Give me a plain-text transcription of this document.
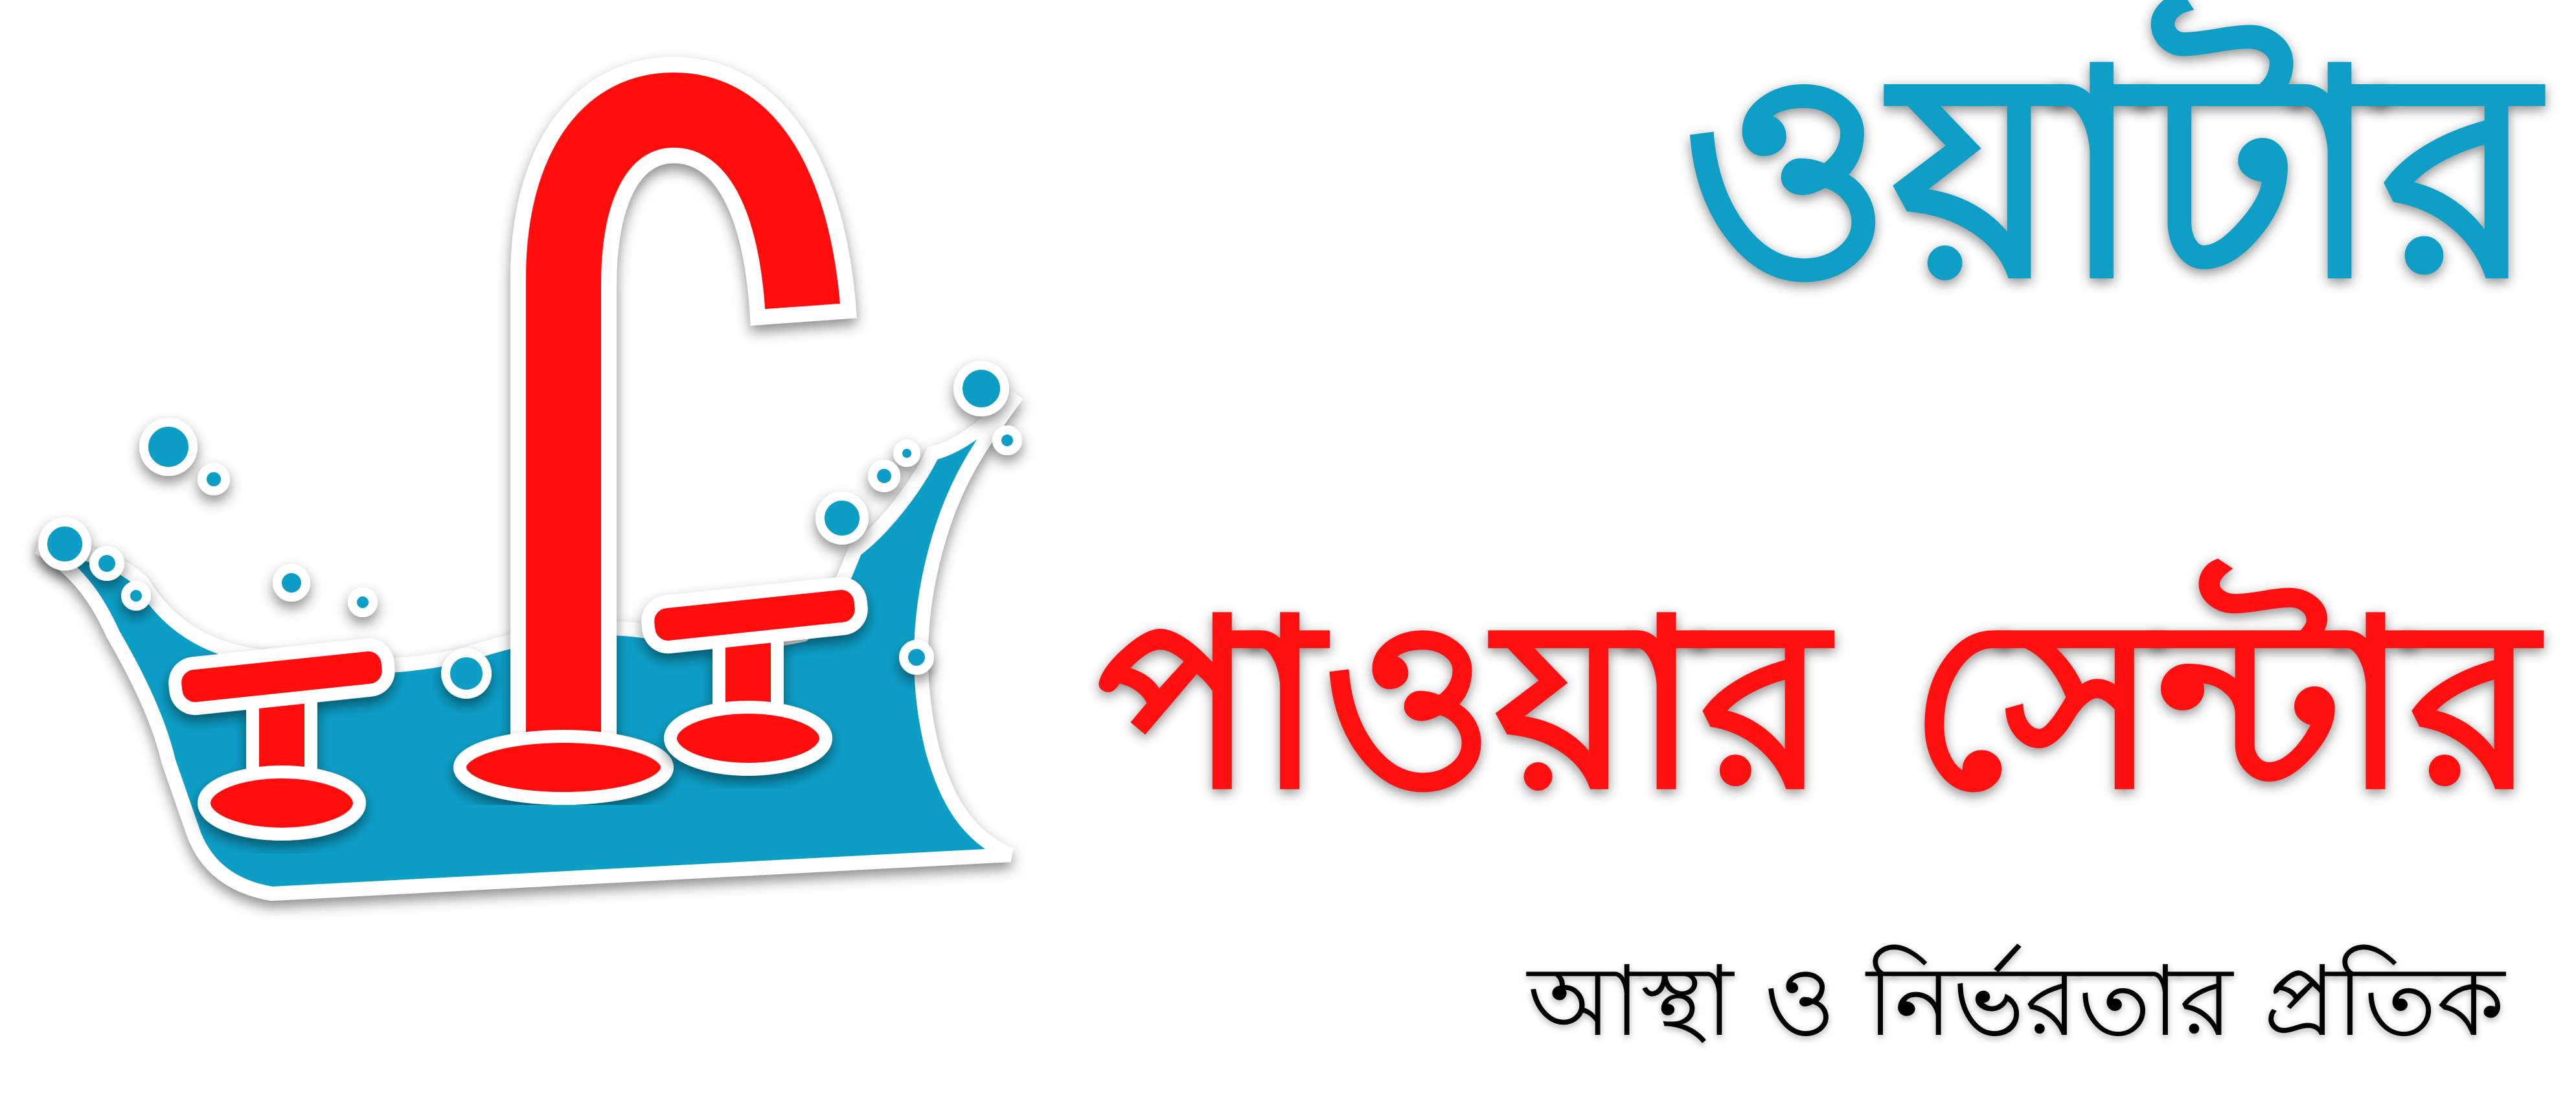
ওয়াটার
পাওয়ার সেন্টার
আস্থা ও নির্ভরতার প্রতিক
